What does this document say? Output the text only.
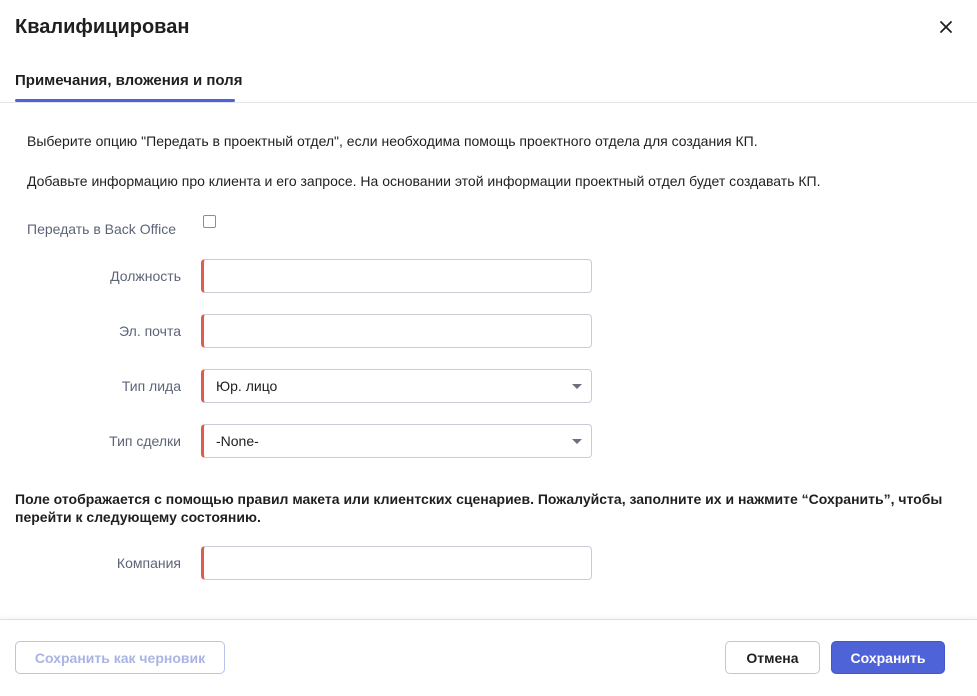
Квалифицирован
Примечания, вложения и поля
Выберите опцию "Передать в проектный отдел", если необходима помощь проектного отдела для создания КП.
Добавьте информацию про клиента и его запросе. На основании этой информации проектный отдел будет создавать КП.
Передать в Back Office
Должность
Эл. почта
Тип лида	Юр. лицо
Тип сделки	-None-
Поле отображается с помощью правил макета или клиентских сценариев. Пожалуйста, заполните их и нажмите “Сохранить”, чтобы перейти к следующему состоянию.
Компания
Сохранить как черновик	Отмена	Сохранить
